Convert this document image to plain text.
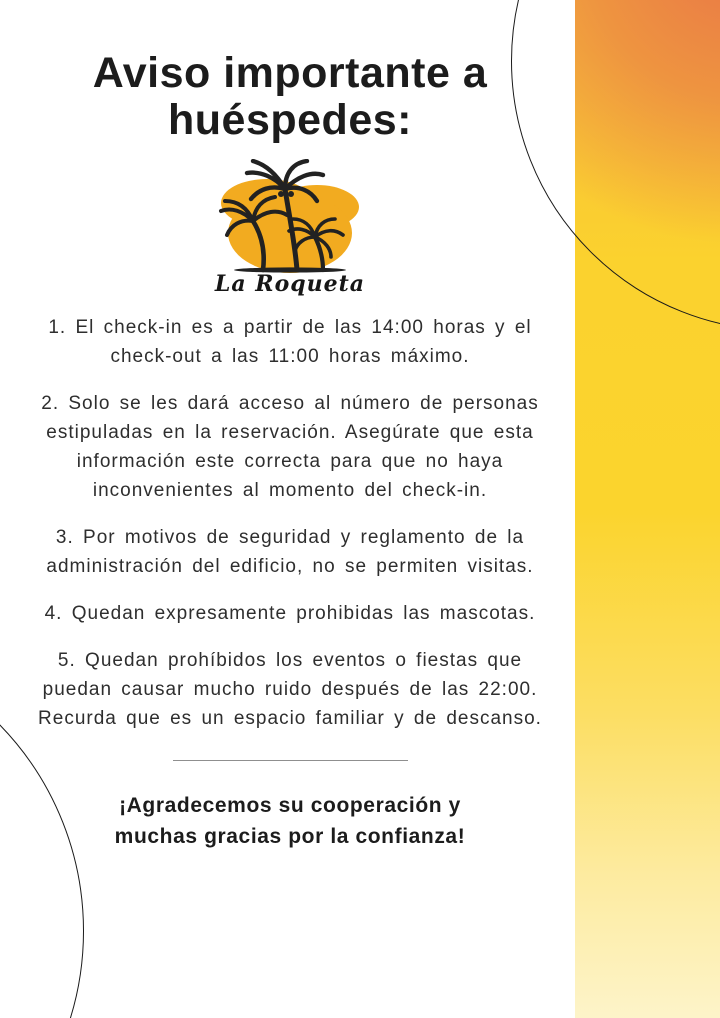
Aviso importante a huéspedes:
La Roqueta

1. El check-in es a partir de las 14:00 horas y el check-out a las 11:00 horas máximo.

2. Solo se les dará acceso al número de personas estipuladas en la reservación. Asegúrate que esta información este correcta para que no haya inconvenientes al momento del check-in.

3. Por motivos de seguridad y reglamento de la administración del edificio, no se permiten visitas.

4. Quedan expresamente prohibidas las mascotas.

5. Quedan prohíbidos los eventos o fiestas que puedan causar mucho ruido después de las 22:00. Recurda que es un espacio familiar y de descanso.

¡Agradecemos su cooperación y muchas gracias por la confianza!
